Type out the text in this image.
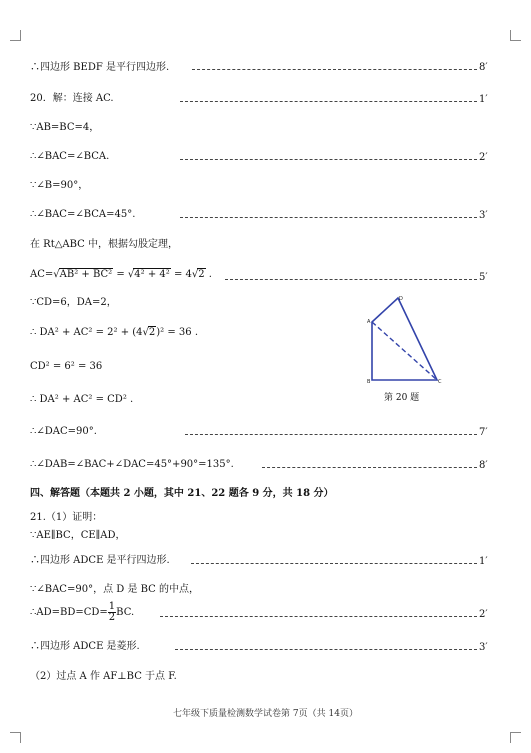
∴四边形 BEDF 是平行四边形.	8′
20．解：连接 AC.	1′
∵AB=BC=4，
∴∠BAC=∠BCA.	2′
∵∠B=90°，
∴∠BAC=∠BCA=45°.	3′
在 Rt△ABC 中，根据勾股定理，
AC=√AB² + BC² = √4² + 4² = 4√2 .	5′
∵CD=6，DA=2，
∴ DA² + AC² = 2² + (4√2)² = 36 .
CD² = 6² = 36
∴ DA² + AC² = CD² .
∴∠DAC=90°.	7′
∴∠DAB=∠BAC+∠DAC=45°+90°=135°.	8′
四、解答题（本题共 2 小题，其中 21、22 题各 9 分，共 18 分）
21.（1）证明：
∵AE∥BC，CE∥AD，
∴四边形 ADCE 是平行四边形.	1′
∵∠BAC=90°，点 D 是 BC 的中点，
∴AD=BD=CD= $\frac{1}{2}$ BC.	2′
∴四边形 ADCE 是菱形.	3′
（2）过点 A 作 AF⊥BC 于点 F.
D
A
B	C
第 20 题
七年级下质量检测数学试卷第 7页（共 14页）
